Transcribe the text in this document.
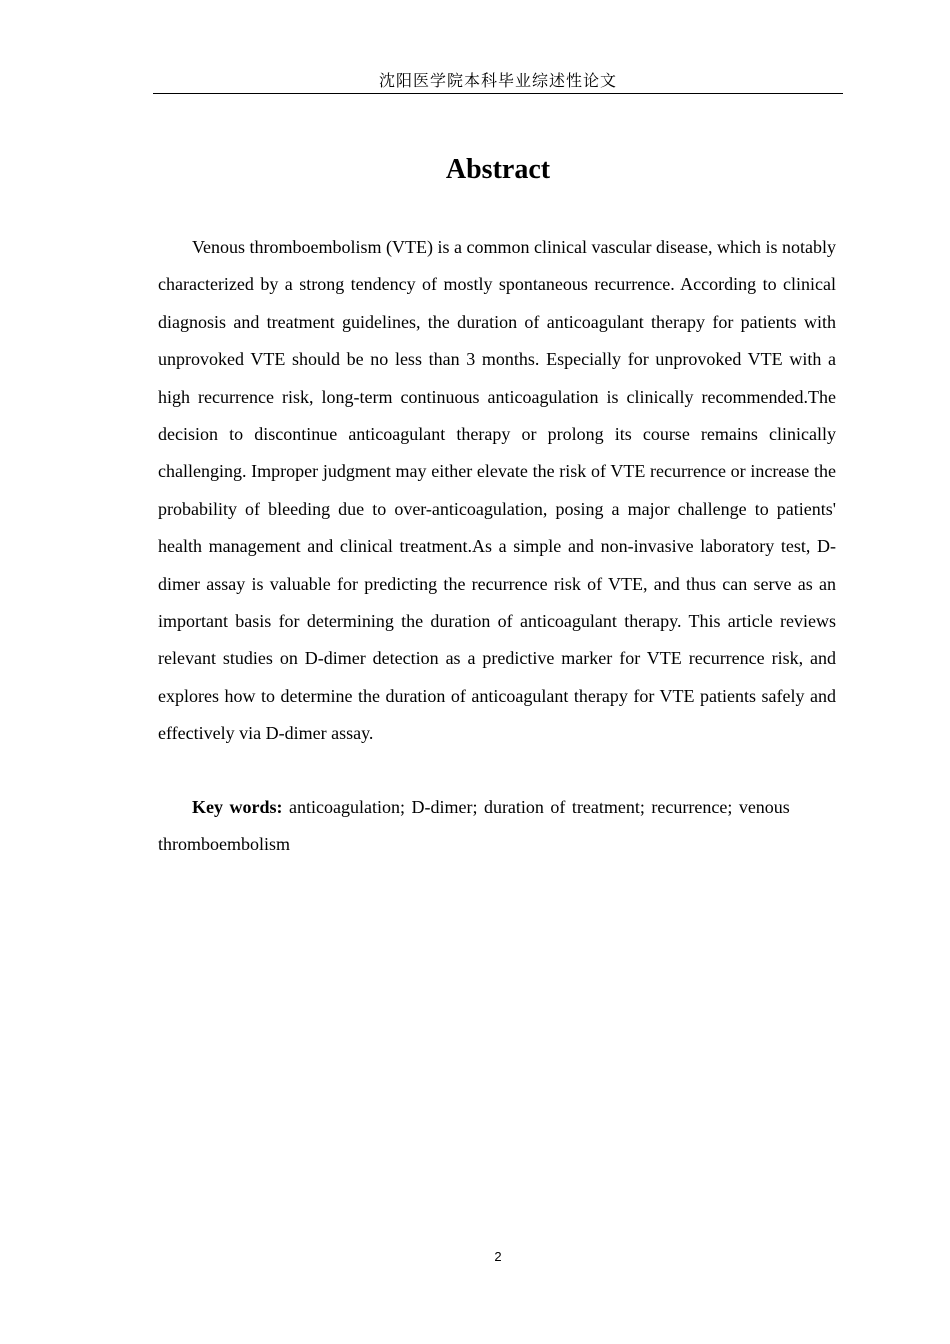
沈阳医学院本科毕业综述性论文
Abstract

Venous thromboembolism (VTE) is a common clinical vascular disease, which is notably characterized by a strong tendency of mostly spontaneous recurrence. According to clinical diagnosis and treatment guidelines, the duration of anticoagulant therapy for patients with unprovoked VTE should be no less than 3 months. Especially for unprovoked VTE with a high recurrence risk, long-term continuous anticoagulation is clinically recommended.The decision to discontinue anticoagulant therapy or prolong its course remains clinically challenging. Improper judgment may either elevate the risk of VTE recurrence or increase the probability of bleeding due to over-anticoagulation, posing a major challenge to patients' health management and clinical treatment.As a simple and non-invasive laboratory test, D-dimer assay is valuable for predicting the recurrence risk of VTE, and thus can serve as an important basis for determining the duration of anticoagulant therapy. This article reviews relevant studies on D-dimer detection as a predictive marker for VTE recurrence risk, and explores how to determine the duration of anticoagulant therapy for VTE patients safely and effectively via D-dimer assay.

Key words: anticoagulation; D-dimer; duration of treatment; recurrence; venous thromboembolism

2
